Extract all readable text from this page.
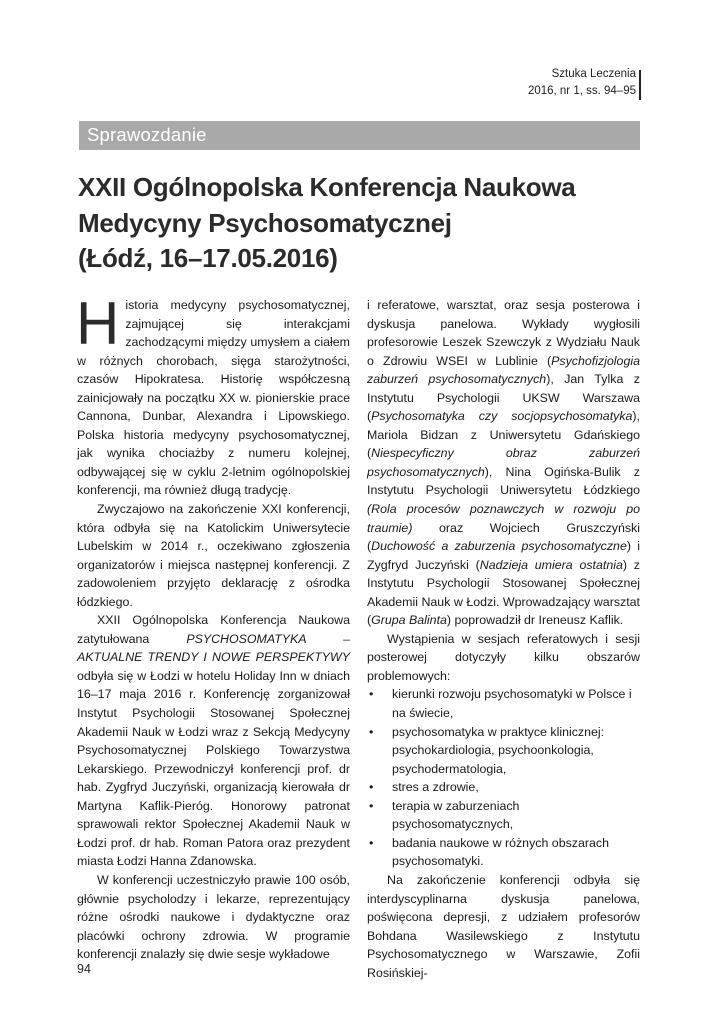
Sztuka Leczenia
2016, nr 1, ss. 94–95
Sprawozdanie
XXII Ogólnopolska Konferencja Naukowa
Medycyny Psychosomatycznej
(Łódź, 16–17.05.2016)

Historia medycyny psychosomatycznej, zajmującej się interakcjami zachodzącymi między umysłem a ciałem w różnych chorobach, sięga starożytności, czasów Hipokratesa. Historię współczesną zainicjowały na początku XX w. pionierskie prace Cannona, Dunbar, Alexandra i Lipowskiego. Polska historia medycyny psychosomatycznej, jak wynika chociażby z numeru kolejnej, odbywającej się w cyklu 2-letnim ogólnopolskiej konferencji, ma również długą tradycję.

Zwyczajowo na zakończenie XXI konferencji, która odbyła się na Katolickim Uniwersytecie Lubelskim w 2014 r., oczekiwano zgłoszenia organizatorów i miejsca następnej konferencji. Z zadowoleniem przyjęto deklarację z ośrodka łódzkiego.

XXII Ogólnopolska Konferencja Naukowa zatytułowana PSYCHOSOMATYKA – AKTUALNE TRENDY I NOWE PERSPEKTYWY odbyła się w Łodzi w hotelu Holiday Inn w dniach 16–17 maja 2016 r. Konferencję zorganizował Instytut Psychologii Stosowanej Społecznej Akademii Nauk w Łodzi wraz z Sekcją Medycyny Psychosomatycznej Polskiego Towarzystwa Lekarskiego. Przewodniczył konferencji prof. dr hab. Zygfryd Juczyński, organizacją kierowała dr Martyna Kaflik-Pieróg. Honorowy patronat sprawowali rektor Społecznej Akademii Nauk w Łodzi prof. dr hab. Roman Patora oraz prezydent miasta Łodzi Hanna Zdanowska.

W konferencji uczestniczyło prawie 100 osób, głównie psycholodzy i lekarze, reprezentujący różne ośrodki naukowe i dydaktyczne oraz placówki ochrony zdrowia. W programie konferencji znalazły się dwie sesje wykładowe

i referatowe, warsztat, oraz sesja posterowa i dyskusja panelowa. Wykłady wygłosili profesorowie Leszek Szewczyk z Wydziału Nauk o Zdrowiu WSEI w Lublinie (Psychofizjologia zaburzeń psychosomatycznych), Jan Tylka z Instytutu Psychologii UKSW Warszawa (Psychosomatyka czy socjopsychosomatyka), Mariola Bidzan z Uniwersytetu Gdańskiego (Niespecyficzny obraz zaburzeń psychosomatycznych), Nina Ogińska-Bulik z Instytutu Psychologii Uniwersytetu Łódzkiego (Rola procesów poznawczych w rozwoju po traumie) oraz Wojciech Gruszczyński (Duchowość a zaburzenia psychosomatyczne) i Zygfryd Juczyński (Nadzieja umiera ostatnia) z Instytutu Psychologii Stosowanej Społecznej Akademii Nauk w Łodzi. Wprowadzający warsztat (Grupa Balinta) poprowadził dr Ireneusz Kaflik.

Wystąpienia w sesjach referatowych i sesji posterowej dotyczyły kilku obszarów problemowych:

• kierunki rozwoju psychosomatyki w Polsce i na świecie,
• psychosomatyka w praktyce klinicznej: psychokardiologia, psychoonkologia, psychodermatologia,
• stres a zdrowie,
• terapia w zaburzeniach psychosomatycznych,
• badania naukowe w różnych obszarach psychosomatyki.

Na zakończenie konferencji odbyła się interdyscyplinarna dyskusja panelowa, poświęcona depresji, z udziałem profesorów Bohdana Wasilewskiego z Instytutu Psychosomatycznego w Warszawie, Zofii Rosińskiej-

94
